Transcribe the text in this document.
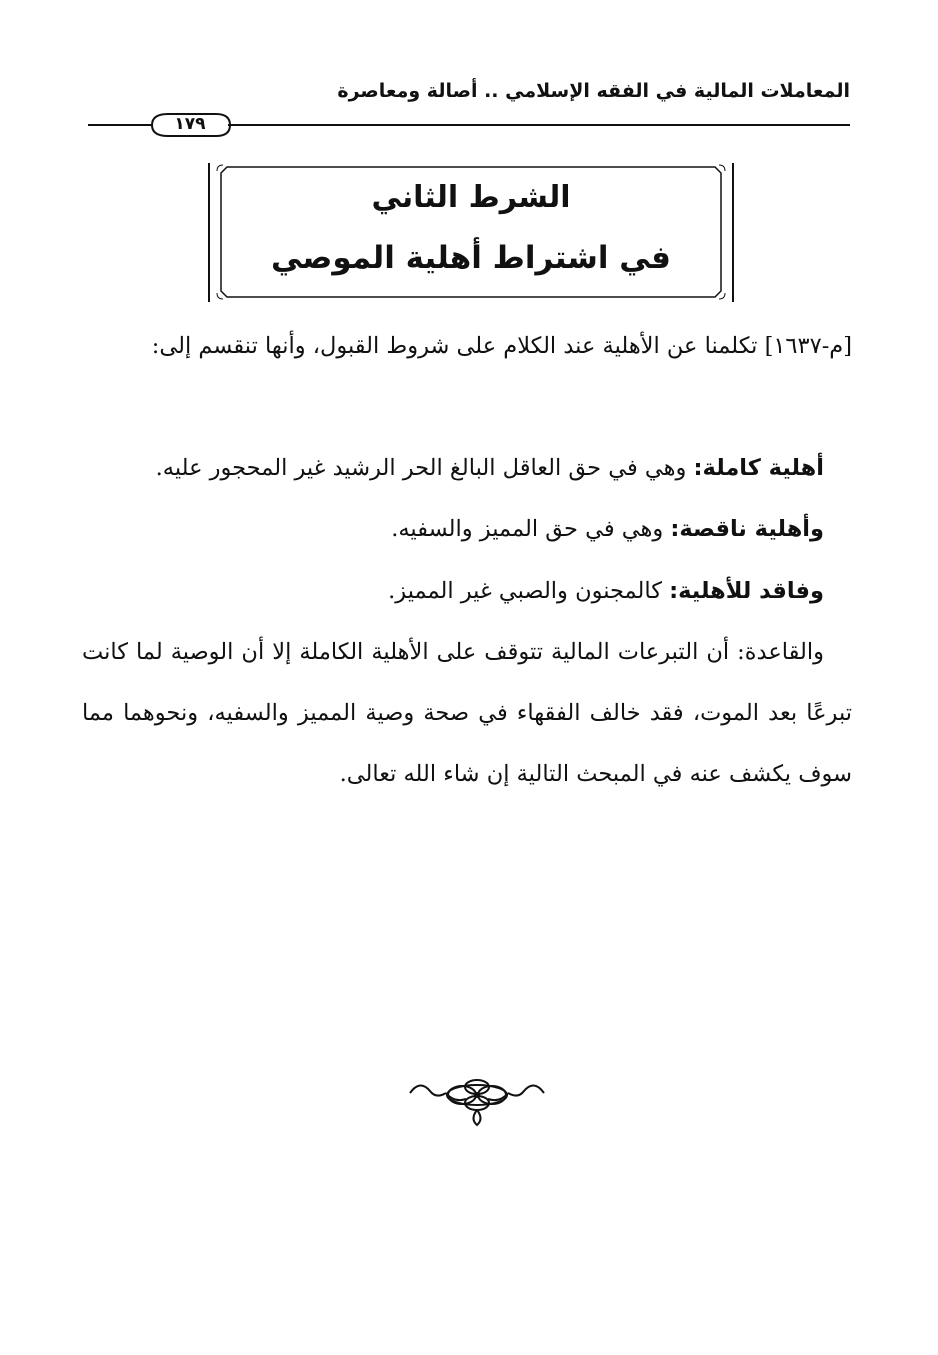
المعاملات المالية في الفقه الإسلامي .. أصالة ومعاصرة
١٧٩
الشرط الثاني
في اشتراط أهلية الموصي
[م-١٦٣٧] تكلمنا عن الأهلية عند الكلام على شروط القبول، وأنها تنقسم إلى:
أهلية كاملة: وهي في حق العاقل البالغ الحر الرشيد غير المحجور عليه.
وأهلية ناقصة: وهي في حق المميز والسفيه.
وفاقد للأهلية: كالمجنون والصبي غير المميز.
والقاعدة: أن التبرعات المالية تتوقف على الأهلية الكاملة إلا أن الوصية لما كانت تبرعًا بعد الموت، فقد خالف الفقهاء في صحة وصية المميز والسفيه، ونحوهما مما سوف يكشف عنه في المبحث التالية إن شاء الله تعالى.
